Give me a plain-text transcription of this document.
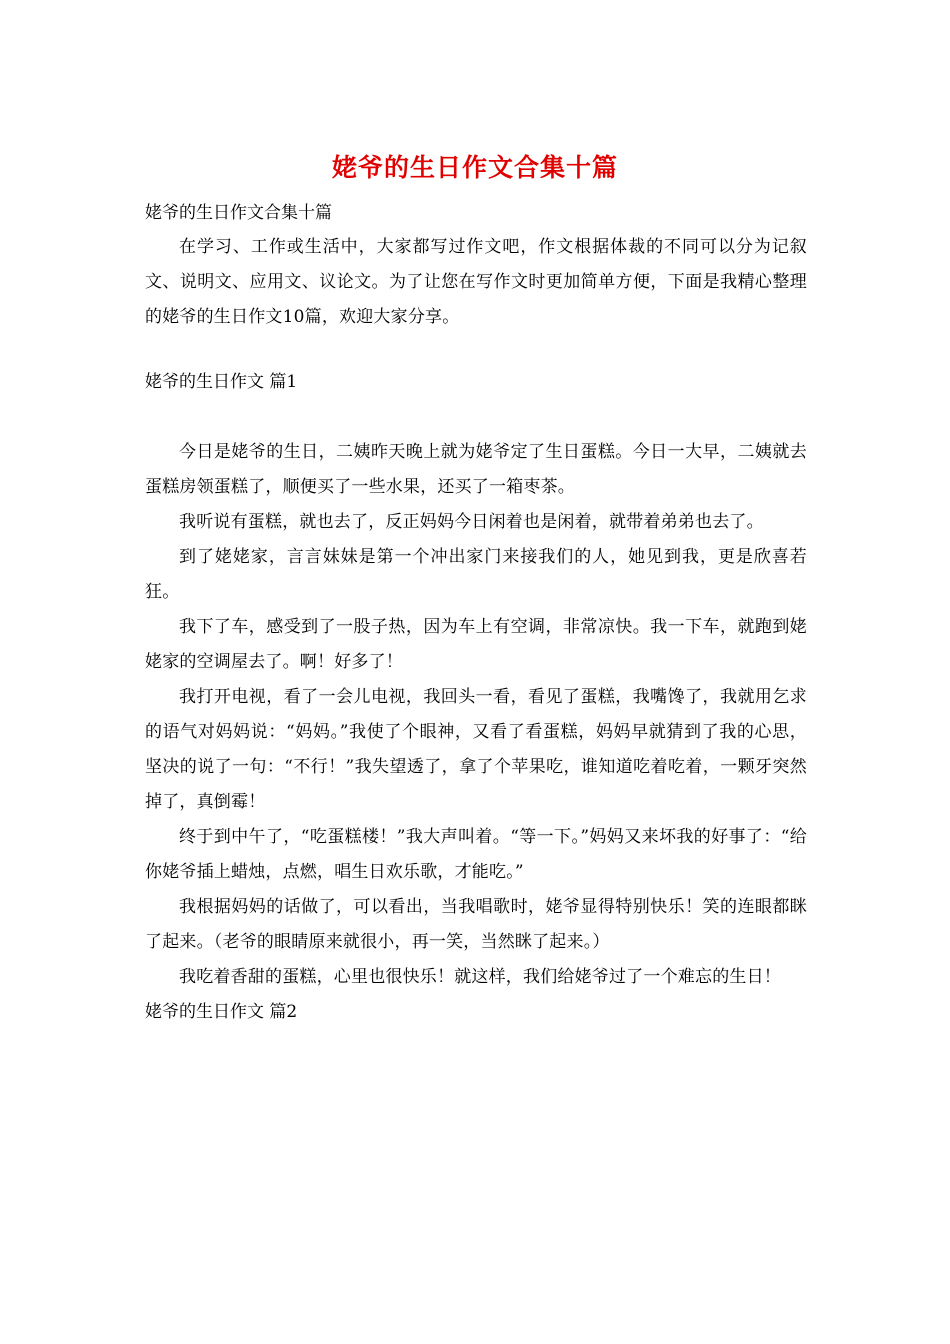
姥爷的生日作文合集十篇

姥爷的生日作文合集十篇

在学习、工作或生活中，大家都写过作文吧，作文根据体裁的不同可以分为记叙文、说明文、应用文、议论文。为了让您在写作文时更加简单方便，下面是我精心整理的姥爷的生日作文10篇，欢迎大家分享。

姥爷的生日作文 篇1

今日是姥爷的生日，二姨昨天晚上就为姥爷定了生日蛋糕。今日一大早，二姨就去蛋糕房领蛋糕了，顺便买了一些水果，还买了一箱枣茶。

我听说有蛋糕，就也去了，反正妈妈今日闲着也是闲着，就带着弟弟也去了。

到了姥姥家，言言妹妹是第一个冲出家门来接我们的人，她见到我，更是欣喜若狂。

我下了车，感受到了一股子热，因为车上有空调，非常凉快。我一下车，就跑到姥姥家的空调屋去了。啊！好多了！

我打开电视，看了一会儿电视，我回头一看，看见了蛋糕，我嘴馋了，我就用乞求的语气对妈妈说：“妈妈。”我使了个眼神，又看了看蛋糕，妈妈早就猜到了我的心思，坚决的说了一句：“不行！”我失望透了，拿了个苹果吃，谁知道吃着吃着，一颗牙突然掉了，真倒霉！

终于到中午了，“吃蛋糕楼！”我大声叫着。“等一下。”妈妈又来坏我的好事了：“给你姥爷插上蜡烛，点燃，唱生日欢乐歌，才能吃。”

我根据妈妈的话做了，可以看出，当我唱歌时，姥爷显得特别快乐！笑的连眼都眯了起来。（老爷的眼睛原来就很小，再一笑，当然眯了起来。）

我吃着香甜的蛋糕，心里也很快乐！就这样，我们给姥爷过了一个难忘的生日！

姥爷的生日作文 篇2
